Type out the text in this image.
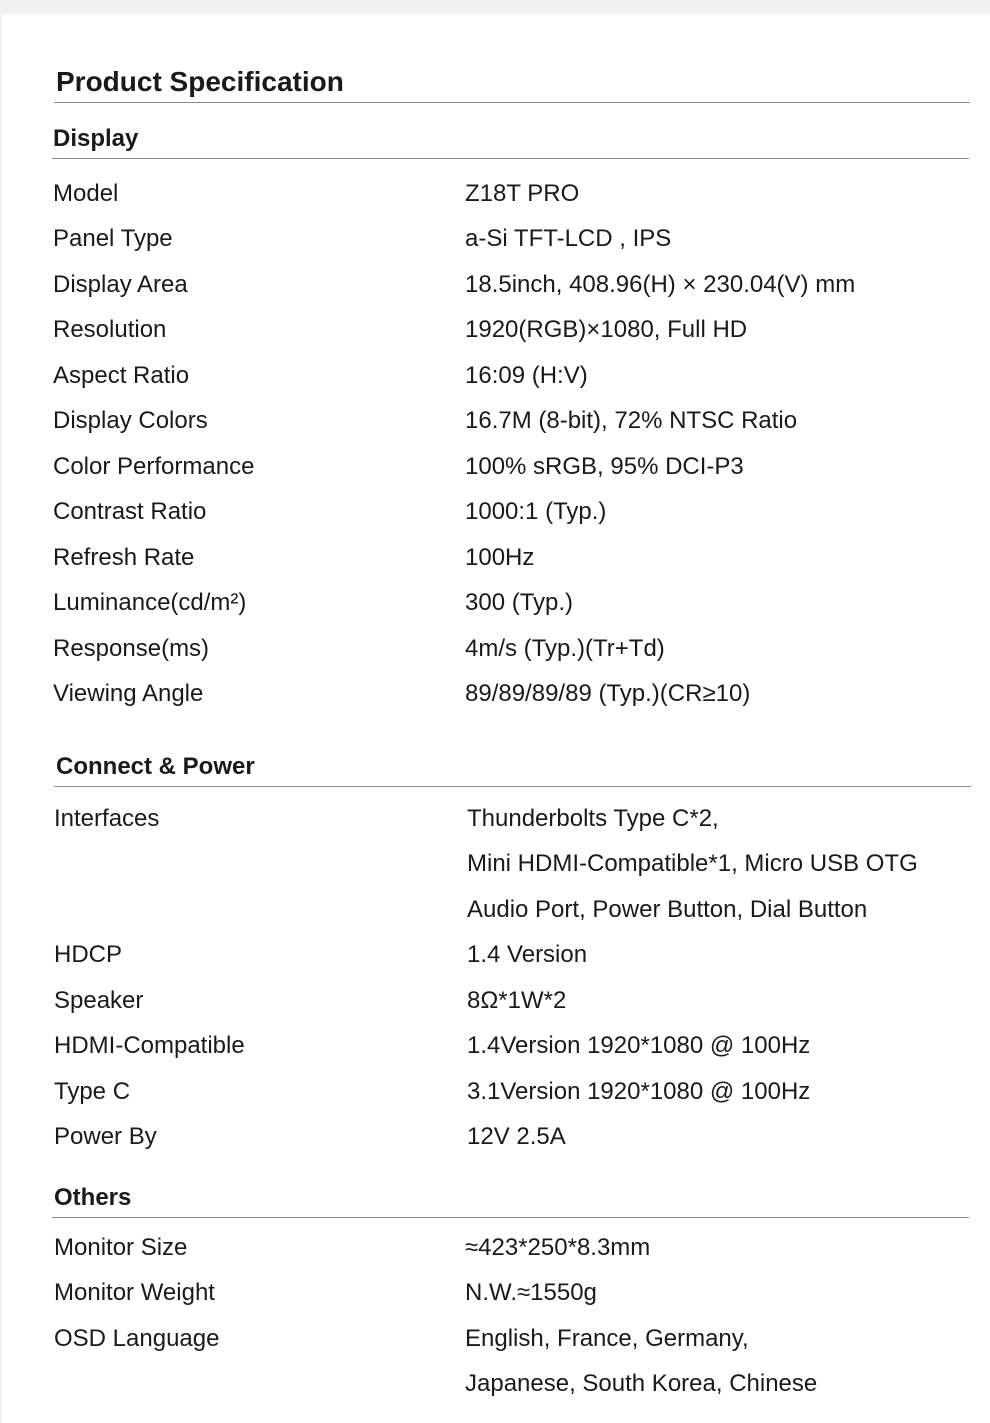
Product Specification
Display
Model	Z18T PRO
Panel Type	a-Si TFT-LCD , IPS
Display Area	18.5inch, 408.96(H) × 230.04(V) mm
Resolution	1920(RGB)×1080, Full HD
Aspect Ratio	16:09 (H:V)
Display Colors	16.7M (8-bit), 72% NTSC Ratio
Color Performance	100% sRGB, 95% DCI-P3
Contrast Ratio	1000:1 (Typ.)
Refresh Rate	100Hz
Luminance(cd/m²)	300 (Typ.)
Response(ms)	4m/s (Typ.)(Tr+Td)
Viewing Angle	89/89/89/89 (Typ.)(CR≥10)
Connect & Power
Interfaces	Thunderbolts Type C*2,
Mini HDMI-Compatible*1, Micro USB OTG
Audio Port, Power Button, Dial Button
HDCP	1.4 Version
Speaker	8Ω*1W*2
HDMI-Compatible	1.4Version 1920*1080 @ 100Hz
Type C	3.1Version 1920*1080 @ 100Hz
Power By	12V 2.5A
Others
Monitor Size	≈423*250*8.3mm
Monitor Weight	N.W.≈1550g
OSD Language	English, France, Germany,
Japanese, South Korea, Chinese
